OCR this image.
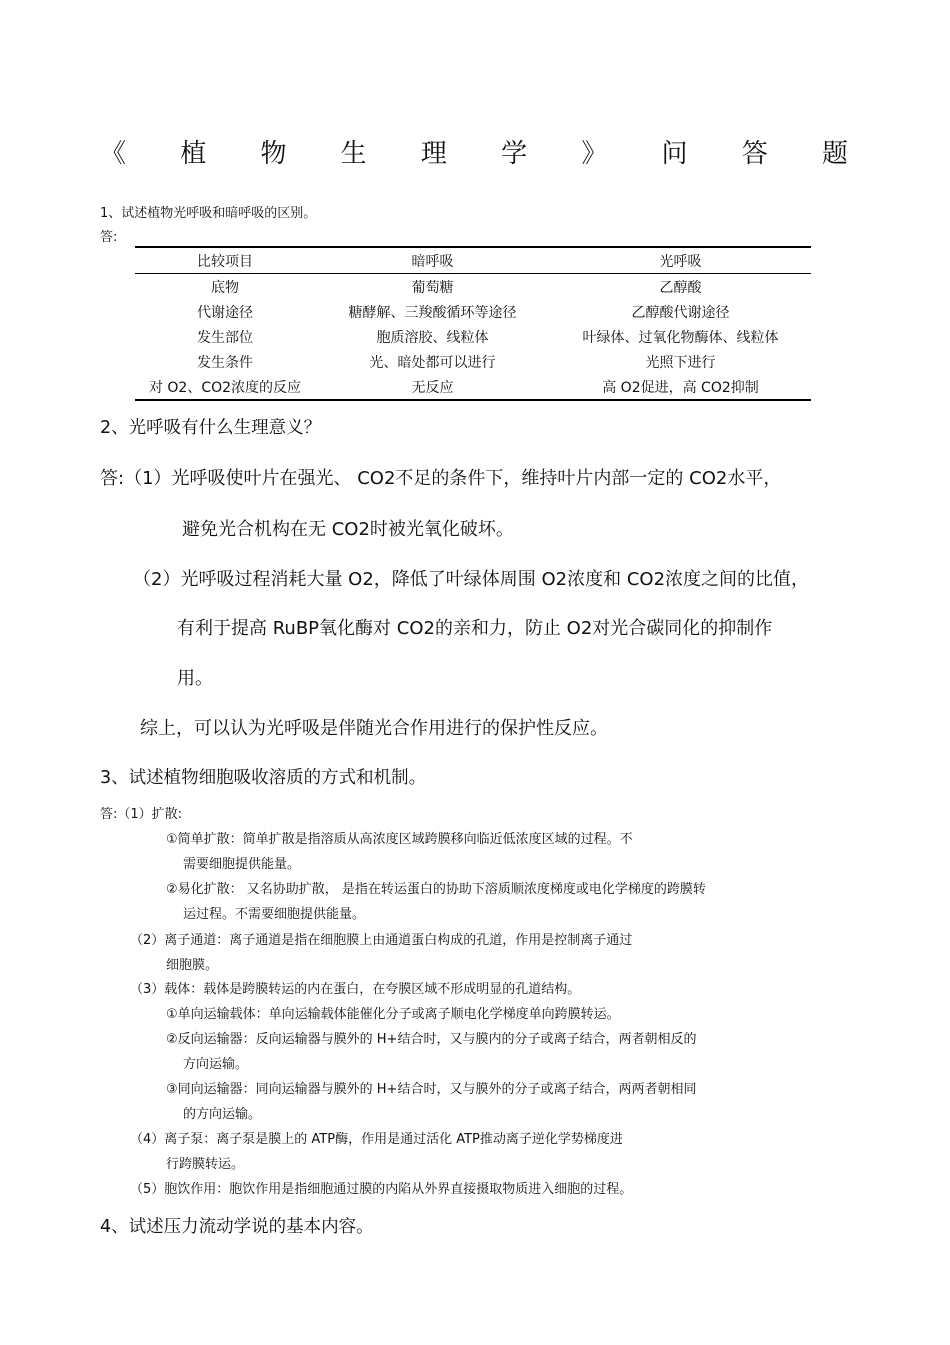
《 植 物 生 理 学 》 问 答 题
1、试述植物光呼吸和暗呼吸的区别。
答:
比较项目	暗呼吸	光呼吸
底物	葡萄糖	乙醇酸
代谢途径	糖酵解、三羧酸循环等途径	乙醇酸代谢途径
发生部位	胞质溶胶、线粒体	叶绿体、过氧化物酶体、线粒体
发生条件	光、暗处都可以进行	光照下进行
对 O2、CO2浓度的反应	无反应	高 O2促进，高 CO2抑制
2、光呼吸有什么生理意义？
答:（1）光呼吸使叶片在强光、 CO2不足的条件下，维持叶片内部一定的 CO2水平，
避免光合机构在无 CO2时被光氧化破坏。
（2）光呼吸过程消耗大量 O2，降低了叶绿体周围 O2浓度和 CO2浓度之间的比值，
有利于提高 RuBP氧化酶对 CO2的亲和力，防止 O2对光合碳同化的抑制作
用。
综上，可以认为光呼吸是伴随光合作用进行的保护性反应。
3、试述植物细胞吸收溶质的方式和机制。
答:（1）扩散:
①简单扩散：简单扩散是指溶质从高浓度区域跨膜移向临近低浓度区域的过程。不
需要细胞提供能量。
②易化扩散： 又名协助扩散， 是指在转运蛋白的协助下溶质顺浓度梯度或电化学梯度的跨膜转
运过程。不需要细胞提供能量。
（2）离子通道：离子通道是指在细胞膜上由通道蛋白构成的孔道，作用是控制离子通过
细胞膜。
（3）载体：载体是跨膜转运的内在蛋白，在夸膜区域不形成明显的孔道结构。
①单向运输载体：单向运输载体能催化分子或离子顺电化学梯度单向跨膜转运。
②反向运输器：反向运输器与膜外的 H+结合时，又与膜内的分子或离子结合，两者朝相反的
方向运输。
③同向运输器：同向运输器与膜外的 H+结合时，又与膜外的分子或离子结合，两两者朝相同
的方向运输。
（4）离子泵：离子泵是膜上的 ATP酶，作用是通过活化 ATP推动离子逆化学势梯度进
行跨膜转运。
（5）胞饮作用：胞饮作用是指细胞通过膜的内陷从外界直接摄取物质进入细胞的过程。
4、试述压力流动学说的基本内容。
